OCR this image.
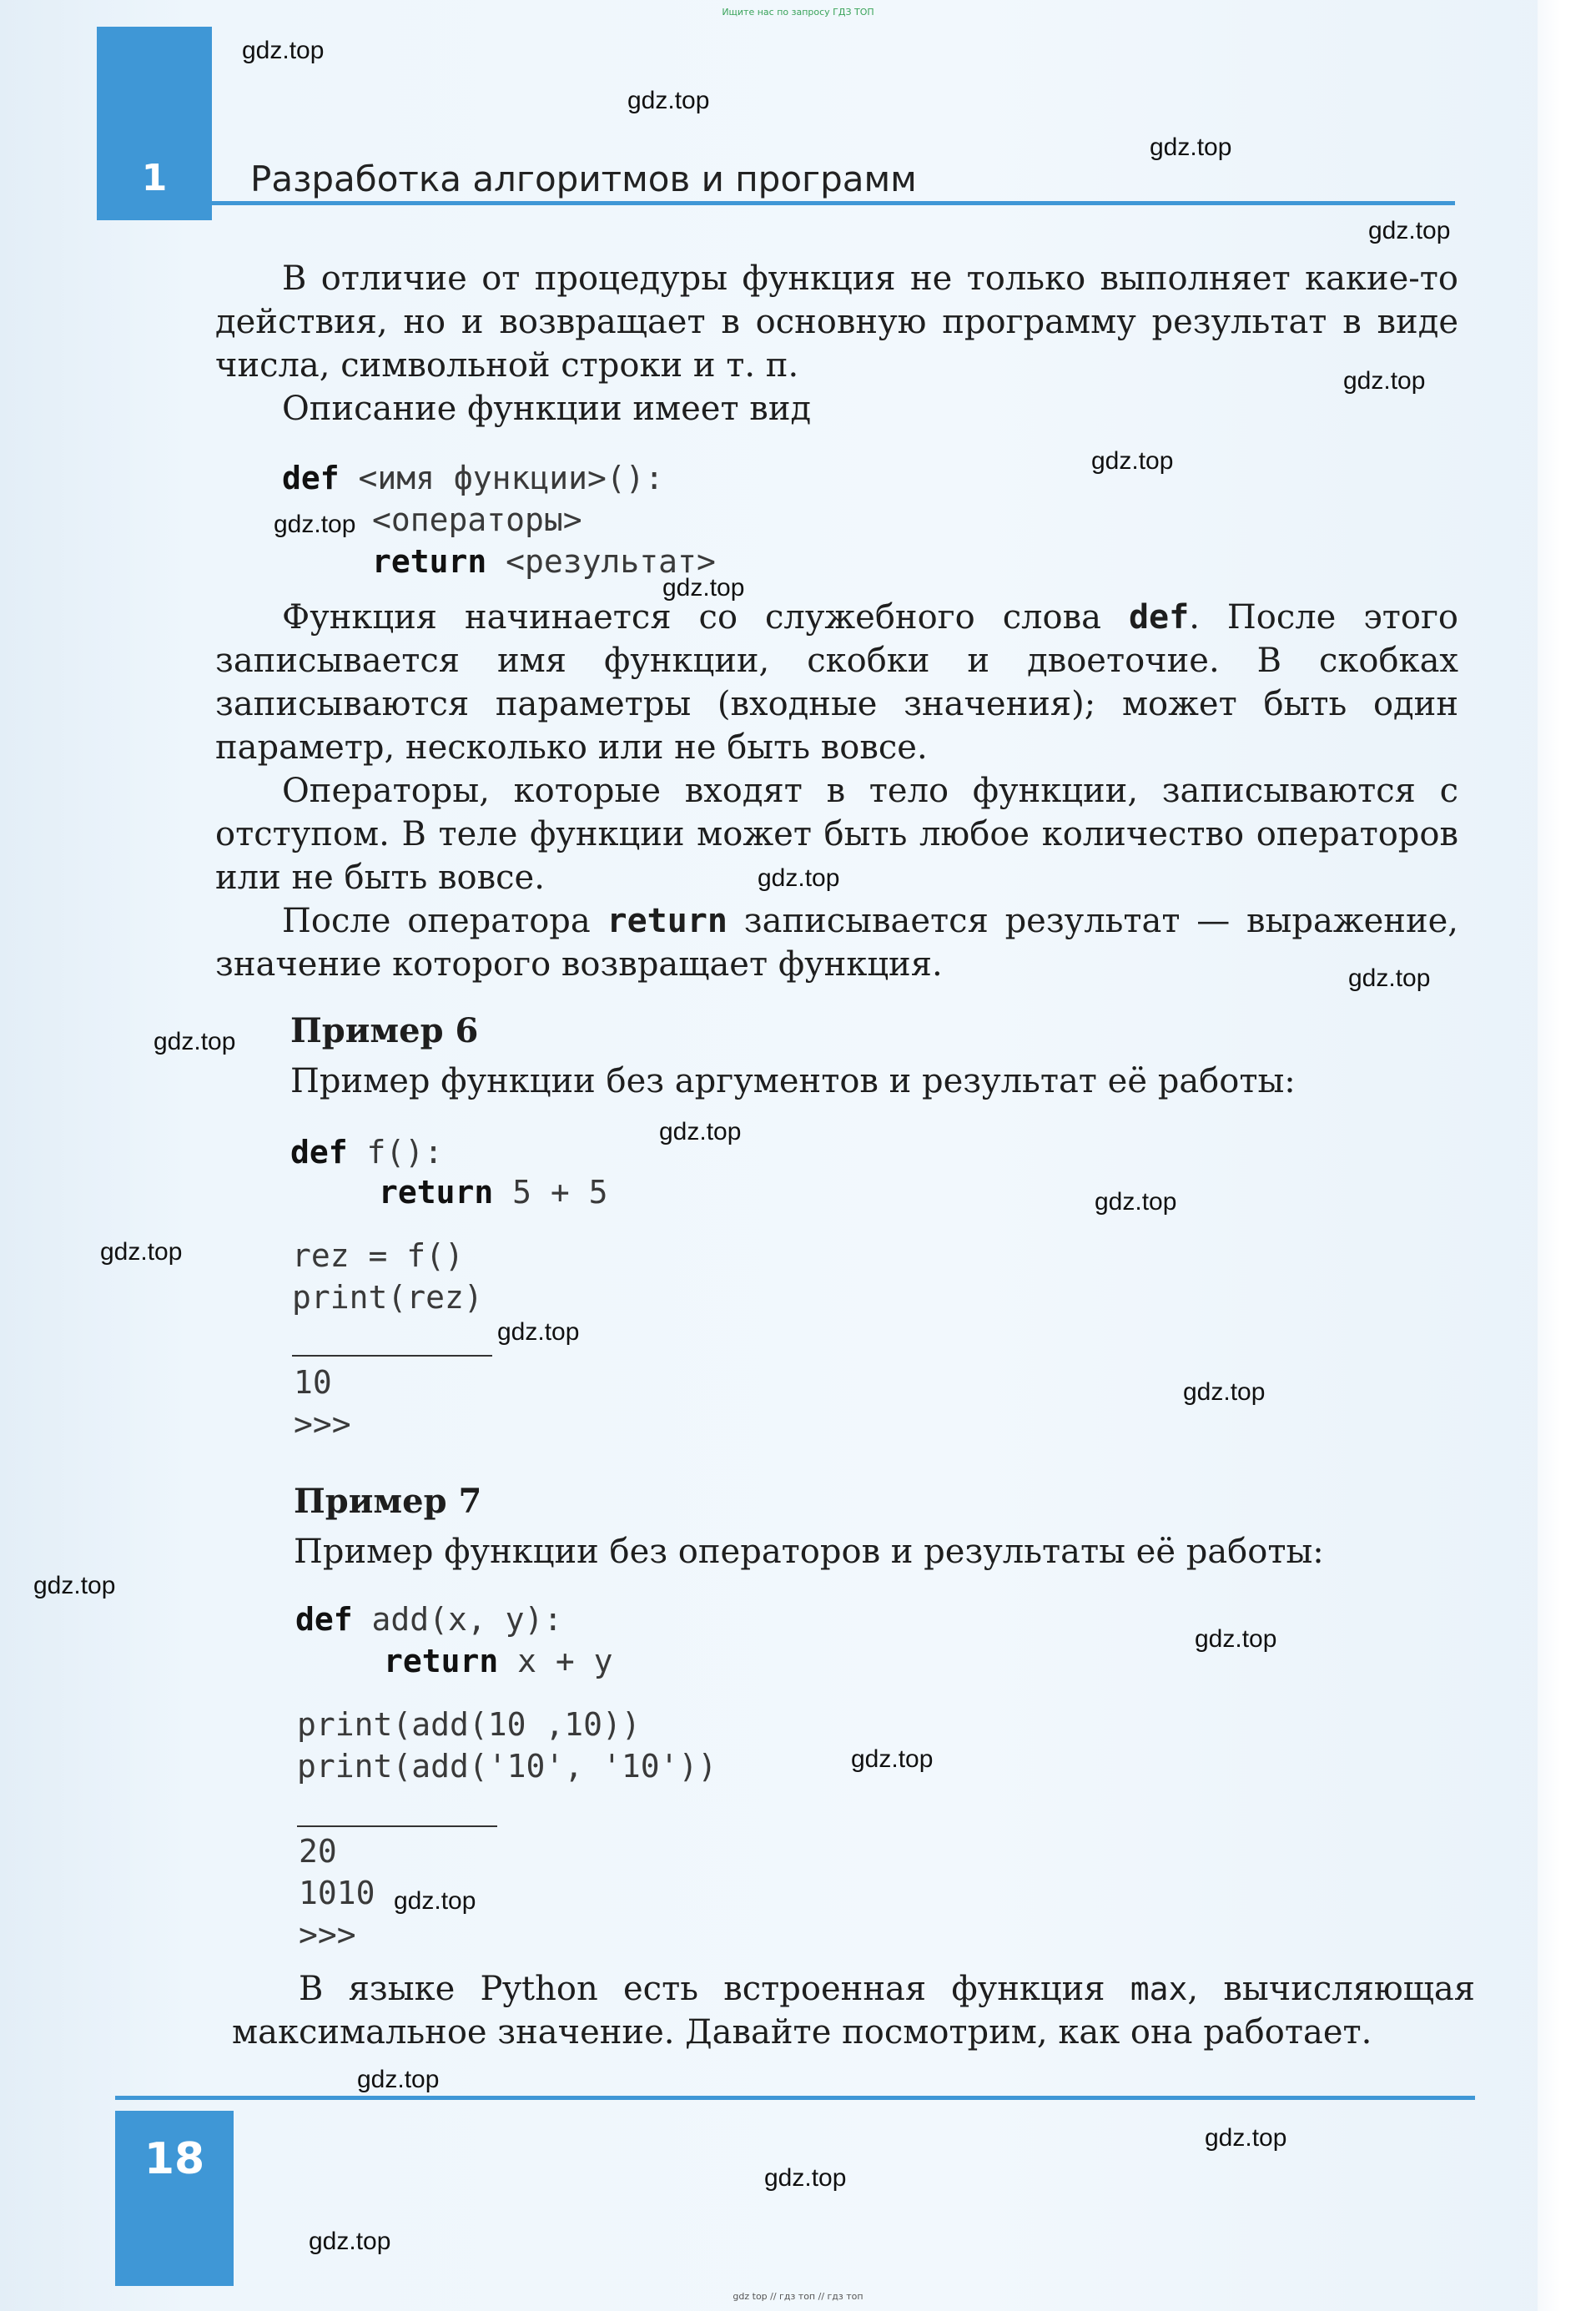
Ищите нас по запросу ГДЗ ТОП
1	Разработка алгоритмов и программ
В отличие от процедуры функция не только выполняет какие-то действия, но и возвращает в основную программу результат в виде числа, символьной строки и т. п.
Описание функции имеет вид
def <имя функции>():
<операторы>
return <результат>
Функция начинается со служебного слова def. После этого записывается имя функции, скобки и двоеточие. В скобках записываются параметры (входные значения); может быть один параметр, несколько или не быть вовсе.
Операторы, которые входят в тело функции, записываются с отступом. В теле функции может быть любое количество операторов или не быть вовсе.
После оператора return записывается результат — выражение, значение которого возвращает функция.
Пример 6
Пример функции без аргументов и результат её работы:
def f():
return 5 + 5
rez = f()
print(rez)
10
>>>
Пример 7
Пример функции без операторов и результаты её работы:
def add(x, y):
return x + y
print(add(10 ,10))
print(add('10', '10'))
20
1010
>>>
В языке Python есть встроенная функция max, вычисляющая максимальное значение. Давайте посмотрим, как она работает.
18
gdz.top
gdz.top
gdz.top
gdz.top
gdz.top
gdz.top
gdz.top
gdz.top
gdz.top
gdz.top
gdz.top
gdz.top
gdz.top
gdz.top
gdz.top
gdz.top
gdz.top
gdz.top
gdz.top
gdz.top
gdz.top
gdz.top
gdz.top
gdz.top
gdz top // гдз топ // гдз топ
